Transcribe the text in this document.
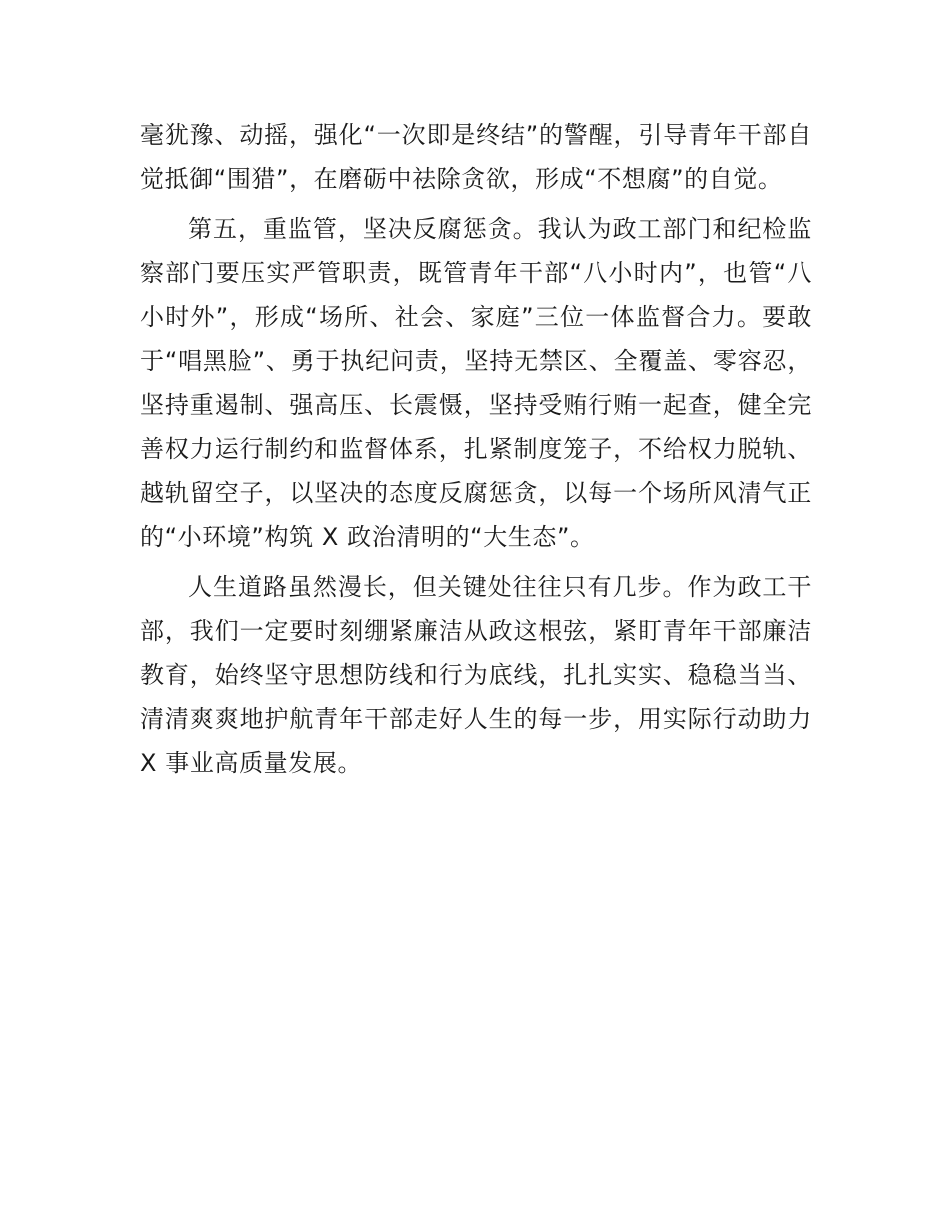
毫犹豫、动摇，强化“一次即是终结”的警醒，引导青年干部自觉抵御“围猎”，在磨砺中祛除贪欲，形成“不想腐”的自觉。

第五，重监管，坚决反腐惩贪。我认为政工部门和纪检监察部门要压实严管职责，既管青年干部“八小时内”，也管“八小时外”，形成“场所、社会、家庭”三位一体监督合力。要敢于“唱黑脸”、勇于执纪问责，坚持无禁区、全覆盖、零容忍，坚持重遏制、强高压、长震慑，坚持受贿行贿一起查，健全完善权力运行制约和监督体系，扎紧制度笼子，不给权力脱轨、越轨留空子，以坚决的态度反腐惩贪，以每一个场所风清气正的“小环境”构筑 X 政治清明的“大生态”。

人生道路虽然漫长，但关键处往往只有几步。作为政工干部，我们一定要时刻绷紧廉洁从政这根弦，紧盯青年干部廉洁教育，始终坚守思想防线和行为底线，扎扎实实、稳稳当当、清清爽爽地护航青年干部走好人生的每一步，用实际行动助力 X 事业高质量发展。
